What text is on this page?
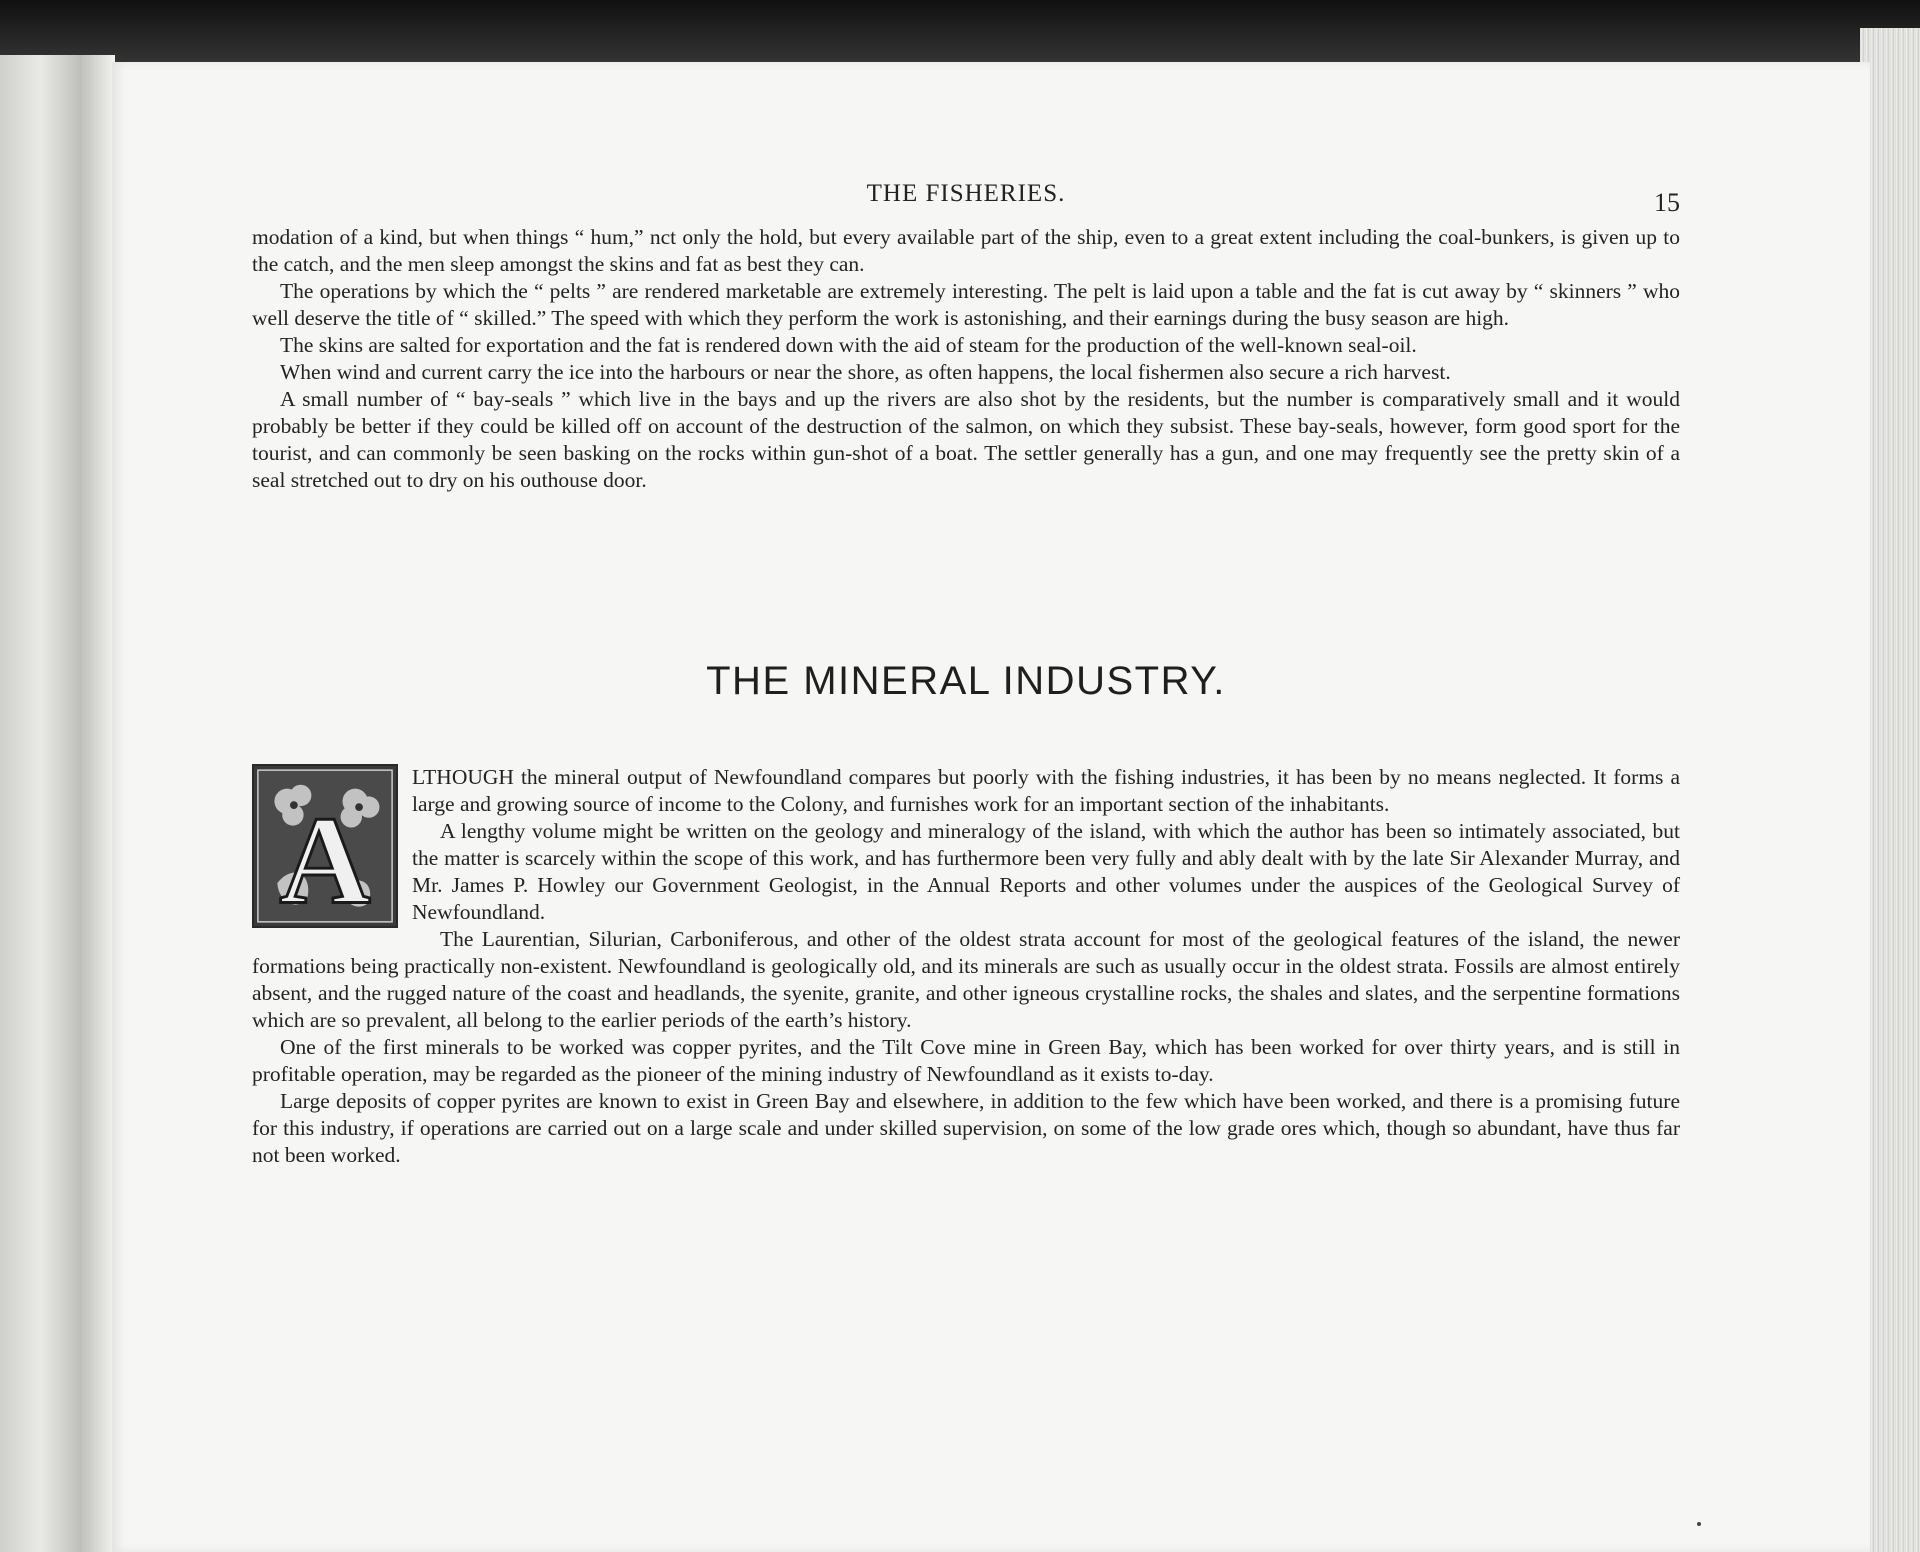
THE FISHERIES.	15

modation of a kind, but when things “ hum,” nct only the hold, but every available part of the ship, even to a great extent including the coal-bunkers, is given up to the catch, and the men sleep amongst the skins and fat as best they can.

The operations by which the “ pelts ” are rendered marketable are extremely interesting. The pelt is laid upon a table and the fat is cut away by “ skinners ” who well deserve the title of “ skilled.” The speed with which they perform the work is astonishing, and their earnings during the busy season are high.

The skins are salted for exportation and the fat is rendered down with the aid of steam for the production of the well-known seal-oil.

When wind and current carry the ice into the harbours or near the shore, as often happens, the local fishermen also secure a rich harvest.

A small number of “ bay-seals ” which live in the bays and up the rivers are also shot by the residents, but the number is comparatively small and it would probably be better if they could be killed off on account of the destruction of the salmon, on which they subsist. These bay-seals, however, form good sport for the tourist, and can commonly be seen basking on the rocks within gun-shot of a boat. The settler generally has a gun, and one may frequently see the pretty skin of a seal stretched out to dry on his outhouse door.

THE MINERAL INDUSTRY.
A

LTHOUGH the mineral output of Newfoundland compares but poorly with the fishing industries, it has been by no means neglected. It forms a large and growing source of income to the Colony, and furnishes work for an important section of the inhabitants.

A lengthy volume might be written on the geology and mineralogy of the island, with which the author has been so intimately associated, but the matter is scarcely within the scope of this work, and has furthermore been very fully and ably dealt with by the late Sir Alexander Murray, and Mr. James P. Howley our Government Geologist, in the Annual Reports and other volumes under the auspices of the Geological Survey of Newfoundland.

The Laurentian, Silurian, Carboniferous, and other of the oldest strata account for most of the geological features of the island, the newer formations being practically non-existent. Newfoundland is geologically old, and its minerals are such as usually occur in the oldest strata. Fossils are almost entirely absent, and the rugged nature of the coast and headlands, the syenite, granite, and other igneous crystalline rocks, the shales and slates, and the serpentine formations which are so prevalent, all belong to the earlier periods of the earth’s history.

One of the first minerals to be worked was copper pyrites, and the Tilt Cove mine in Green Bay, which has been worked for over thirty years, and is still in profitable operation, may be regarded as the pioneer of the mining industry of Newfoundland as it exists to-day.

Large deposits of copper pyrites are known to exist in Green Bay and elsewhere, in addition to the few which have been worked, and there is a promising future for this industry, if operations are carried out on a large scale and under skilled supervision, on some of the low grade ores which, though so abundant, have thus far not been worked.
